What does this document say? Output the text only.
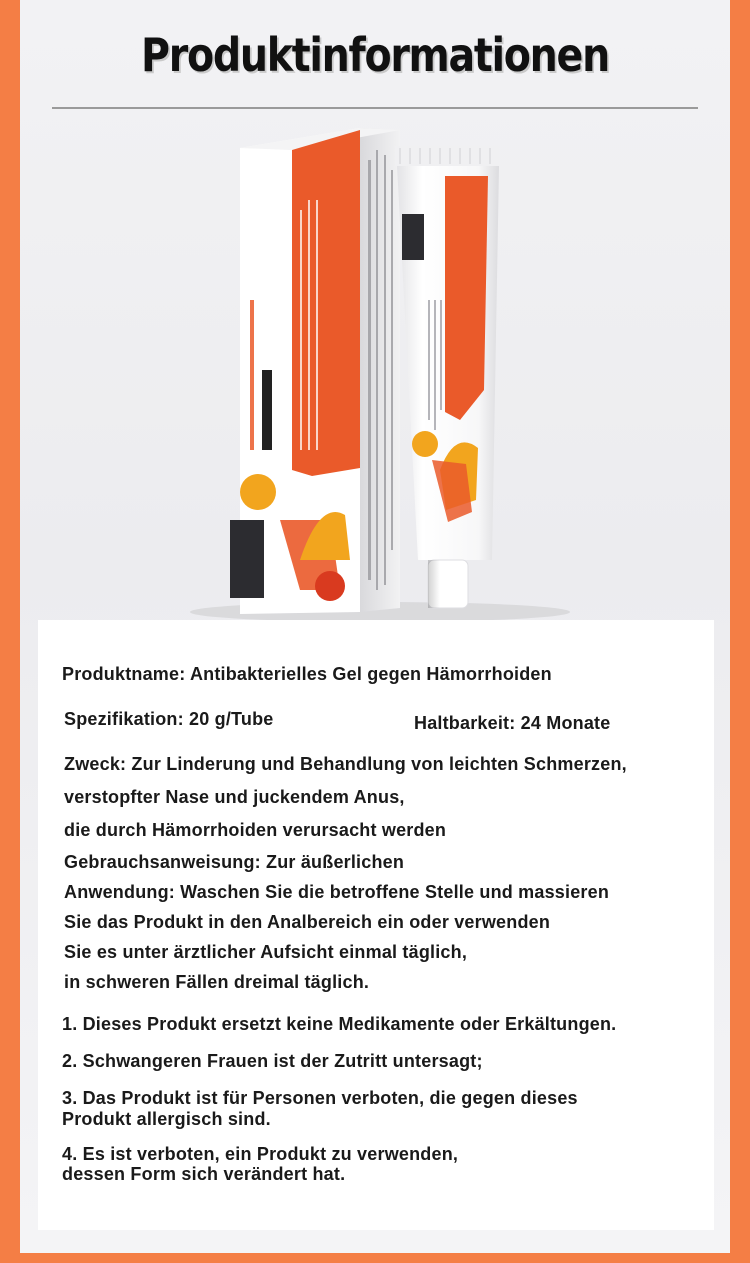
Produktinformationen

Produktname: Antibakterielles Gel gegen Hämorrhoiden

Spezifikation: 20 g/Tube	Haltbarkeit: 24 Monate

Zweck: Zur Linderung und Behandlung von leichten Schmerzen,

verstopfter Nase und juckendem Anus,

die durch Hämorrhoiden verursacht werden

Gebrauchsanweisung: Zur äußerlichen

Anwendung: Waschen Sie die betroffene Stelle und massieren

Sie das Produkt in den Analbereich ein oder verwenden

Sie es unter ärztlicher Aufsicht einmal täglich,

in schweren Fällen dreimal täglich.

1. Dieses Produkt ersetzt keine Medikamente oder Erkältungen.

2. Schwangeren Frauen ist der Zutritt untersagt;

3. Das Produkt ist für Personen verboten, die gegen dieses

Produkt allergisch sind.

4. Es ist verboten, ein Produkt zu verwenden,

dessen Form sich verändert hat.
